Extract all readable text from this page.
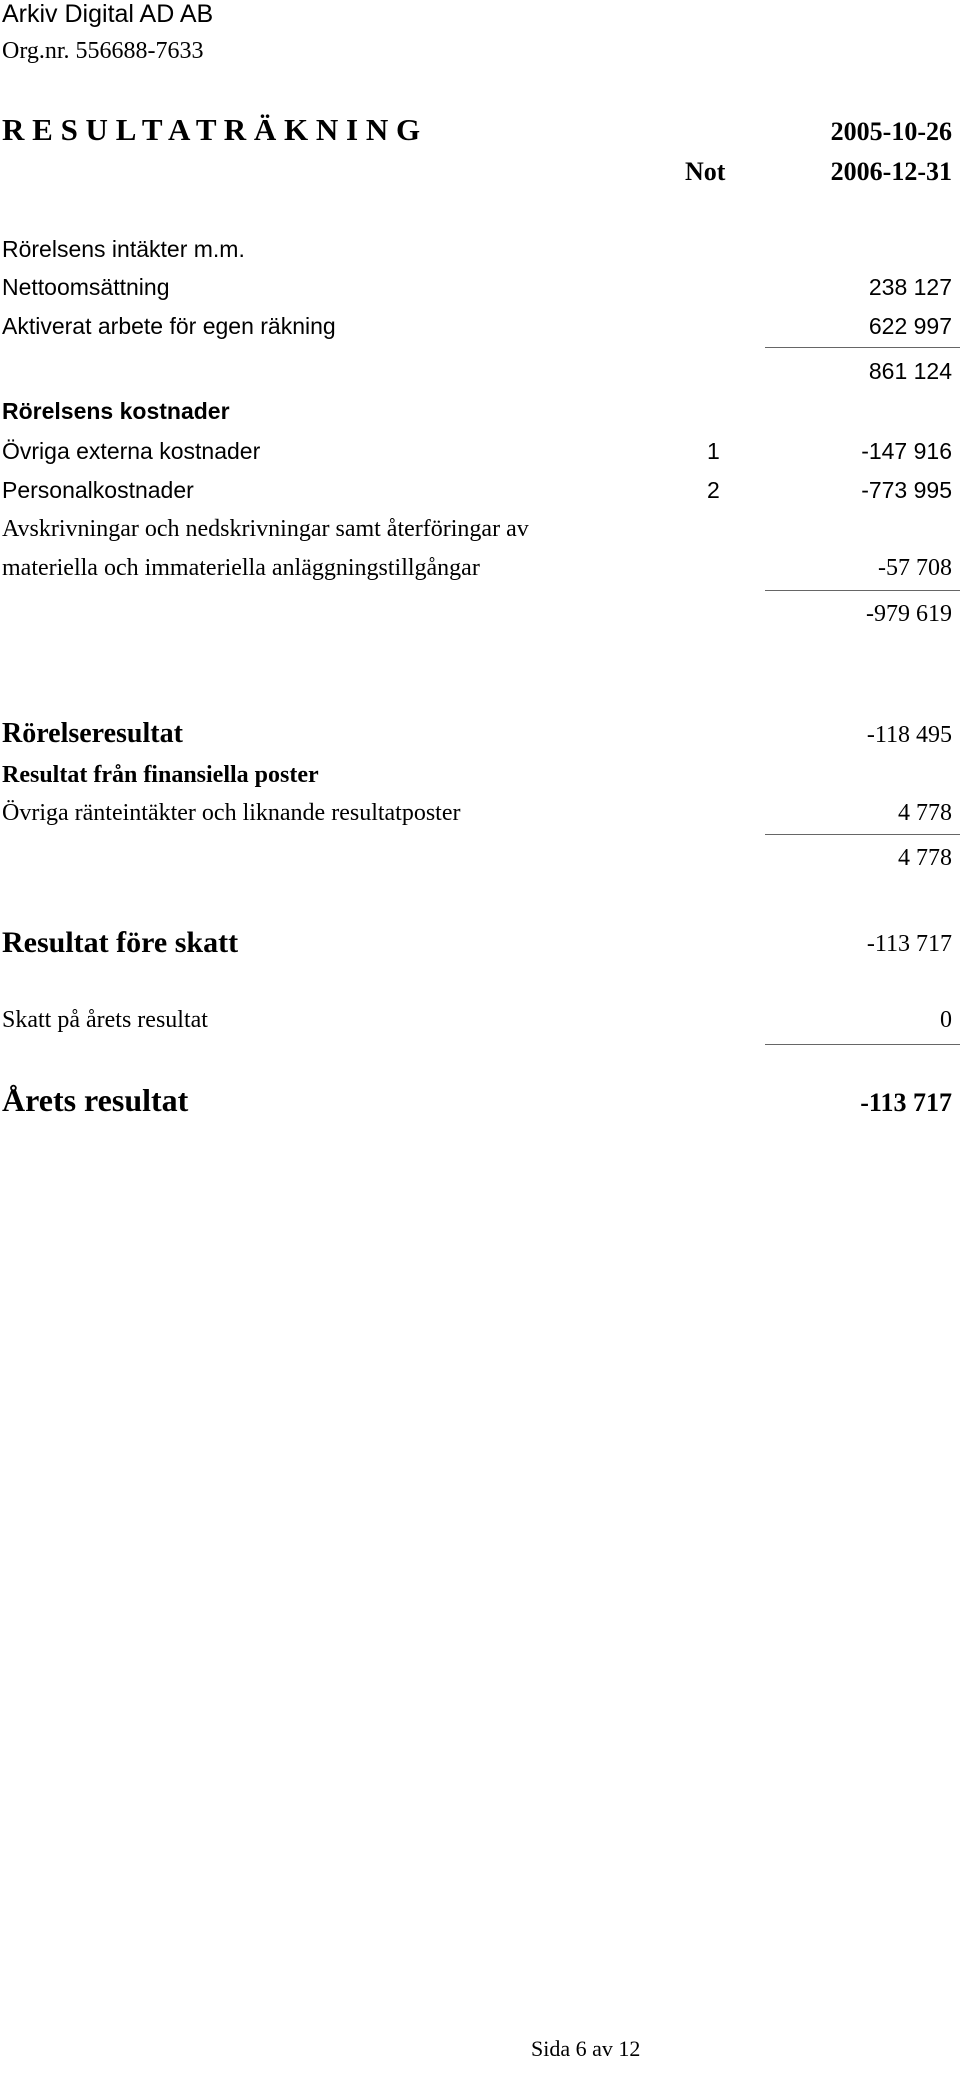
Arkiv Digital AD AB
Org.nr. 556688-7633
R E S U L T A T R Ä K N I N G	2005-10-26
Not	2006-12-31
Rörelsens intäkter m.m.
Nettoomsättning	238 127
Aktiverat arbete för egen räkning	622 997
861 124
Rörelsens kostnader
Övriga externa kostnader	1	-147 916
Personalkostnader	2	-773 995
Avskrivningar och nedskrivningar samt återföringar av
materiella och immateriella anläggningstillgångar	-57 708
-979 619
Rörelseresultat	-118 495
Resultat från finansiella poster
Övriga ränteintäkter och liknande resultatposter	4 778
4 778
Resultat före skatt	-113 717
Skatt på årets resultat	0
Årets resultat	-113 717
Sida 6 av 12
